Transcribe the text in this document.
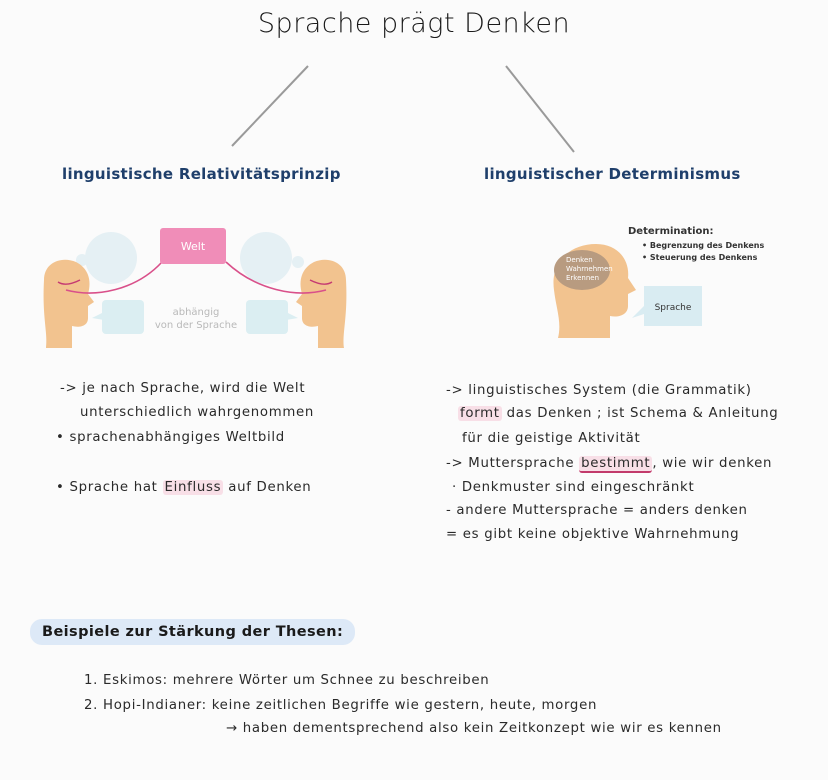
Sprache prägt Denken
linguistische Relativitätsprinzip	linguistischer Determinismus
Welt
abhängig
von der Sprache
Determination:
• Begrenzung des Denkens
• Steuerung des Denkens
Denken
Wahrnehmen
Erkennen
Sprache
-> je nach Sprache, wird die Welt
unterschiedlich wahrgenommen
• sprachenabhängiges Weltbild
• Sprache hat Einfluss auf Denken
-> linguistisches System (die Grammatik)
formt das Denken ; ist Schema & Anleitung
für die geistige Aktivität
-> Muttersprache bestimmt , wie wir denken
· Denkmuster sind eingeschränkt
- andere Muttersprache = anders denken
= es gibt keine objektive Wahrnehmung
Beispiele zur Stärkung der Thesen:
1. Eskimos: mehrere Wörter um Schnee zu beschreiben
2. Hopi-Indianer: keine zeitlichen Begriffe wie gestern, heute, morgen
→ haben dementsprechend also kein Zeitkonzept wie wir es kennen
